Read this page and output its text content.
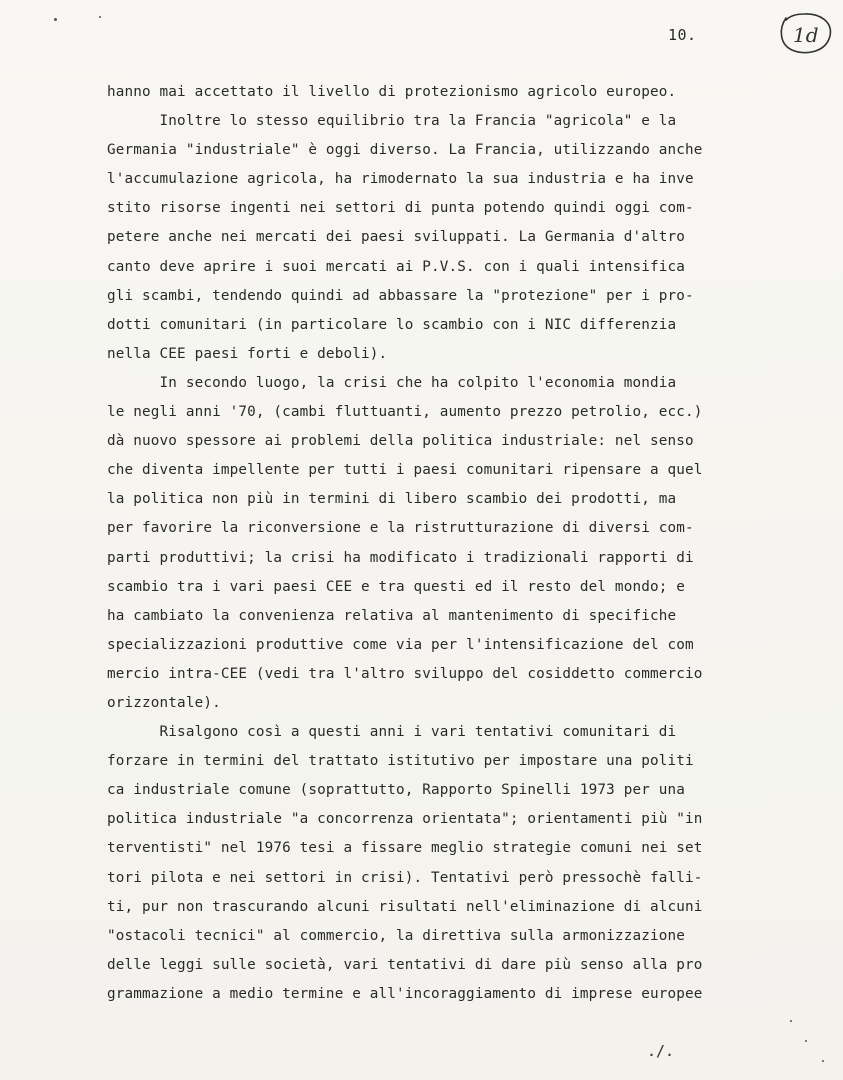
10.	1d
hanno mai accettato il livello di protezionismo agricolo europeo.
Inoltre lo stesso equilibrio tra la Francia "agricola" e la
Germania "industriale" è oggi diverso. La Francia, utilizzando anche
l'accumulazione agricola, ha rimodernato la sua industria e ha inve
stito risorse ingenti nei settori di punta potendo quindi oggi com-
petere anche nei mercati dei paesi sviluppati. La Germania d'altro
canto deve aprire i suoi mercati ai P.V.S. con i quali intensifica
gli scambi, tendendo quindi ad abbassare la "protezione" per i pro-
dotti comunitari (in particolare lo scambio con i NIC differenzia
nella CEE paesi forti e deboli).
In secondo luogo, la crisi che ha colpito l'economia mondia
le negli anni '70, (cambi fluttuanti, aumento prezzo petrolio, ecc.)
dà nuovo spessore ai problemi della politica industriale: nel senso
che diventa impellente per tutti i paesi comunitari ripensare a quel
la politica non più in termini di libero scambio dei prodotti, ma
per favorire la riconversione e la ristrutturazione di diversi com-
parti produttivi; la crisi ha modificato i tradizionali rapporti di
scambio tra i vari paesi CEE e tra questi ed il resto del mondo; e
ha cambiato la convenienza relativa al mantenimento di specifiche
specializzazioni produttive come via per l'intensificazione del com
mercio intra-CEE (vedi tra l'altro sviluppo del cosiddetto commercio
orizzontale).
Risalgono così a questi anni i vari tentativi comunitari di
forzare in termini del trattato istitutivo per impostare una politi
ca industriale comune (soprattutto, Rapporto Spinelli 1973 per una
politica industriale "a concorrenza orientata"; orientamenti più "in
terventisti" nel 1976 tesi a fissare meglio strategie comuni nei set
tori pilota e nei settori in crisi). Tentativi però pressochè falli-
ti, pur non trascurando alcuni risultati nell'eliminazione di alcuni
"ostacoli tecnici" al commercio, la direttiva sulla armonizzazione
delle leggi sulle società, vari tentativi di dare più senso alla pro
grammazione a medio termine e all'incoraggiamento di imprese europee
./.
